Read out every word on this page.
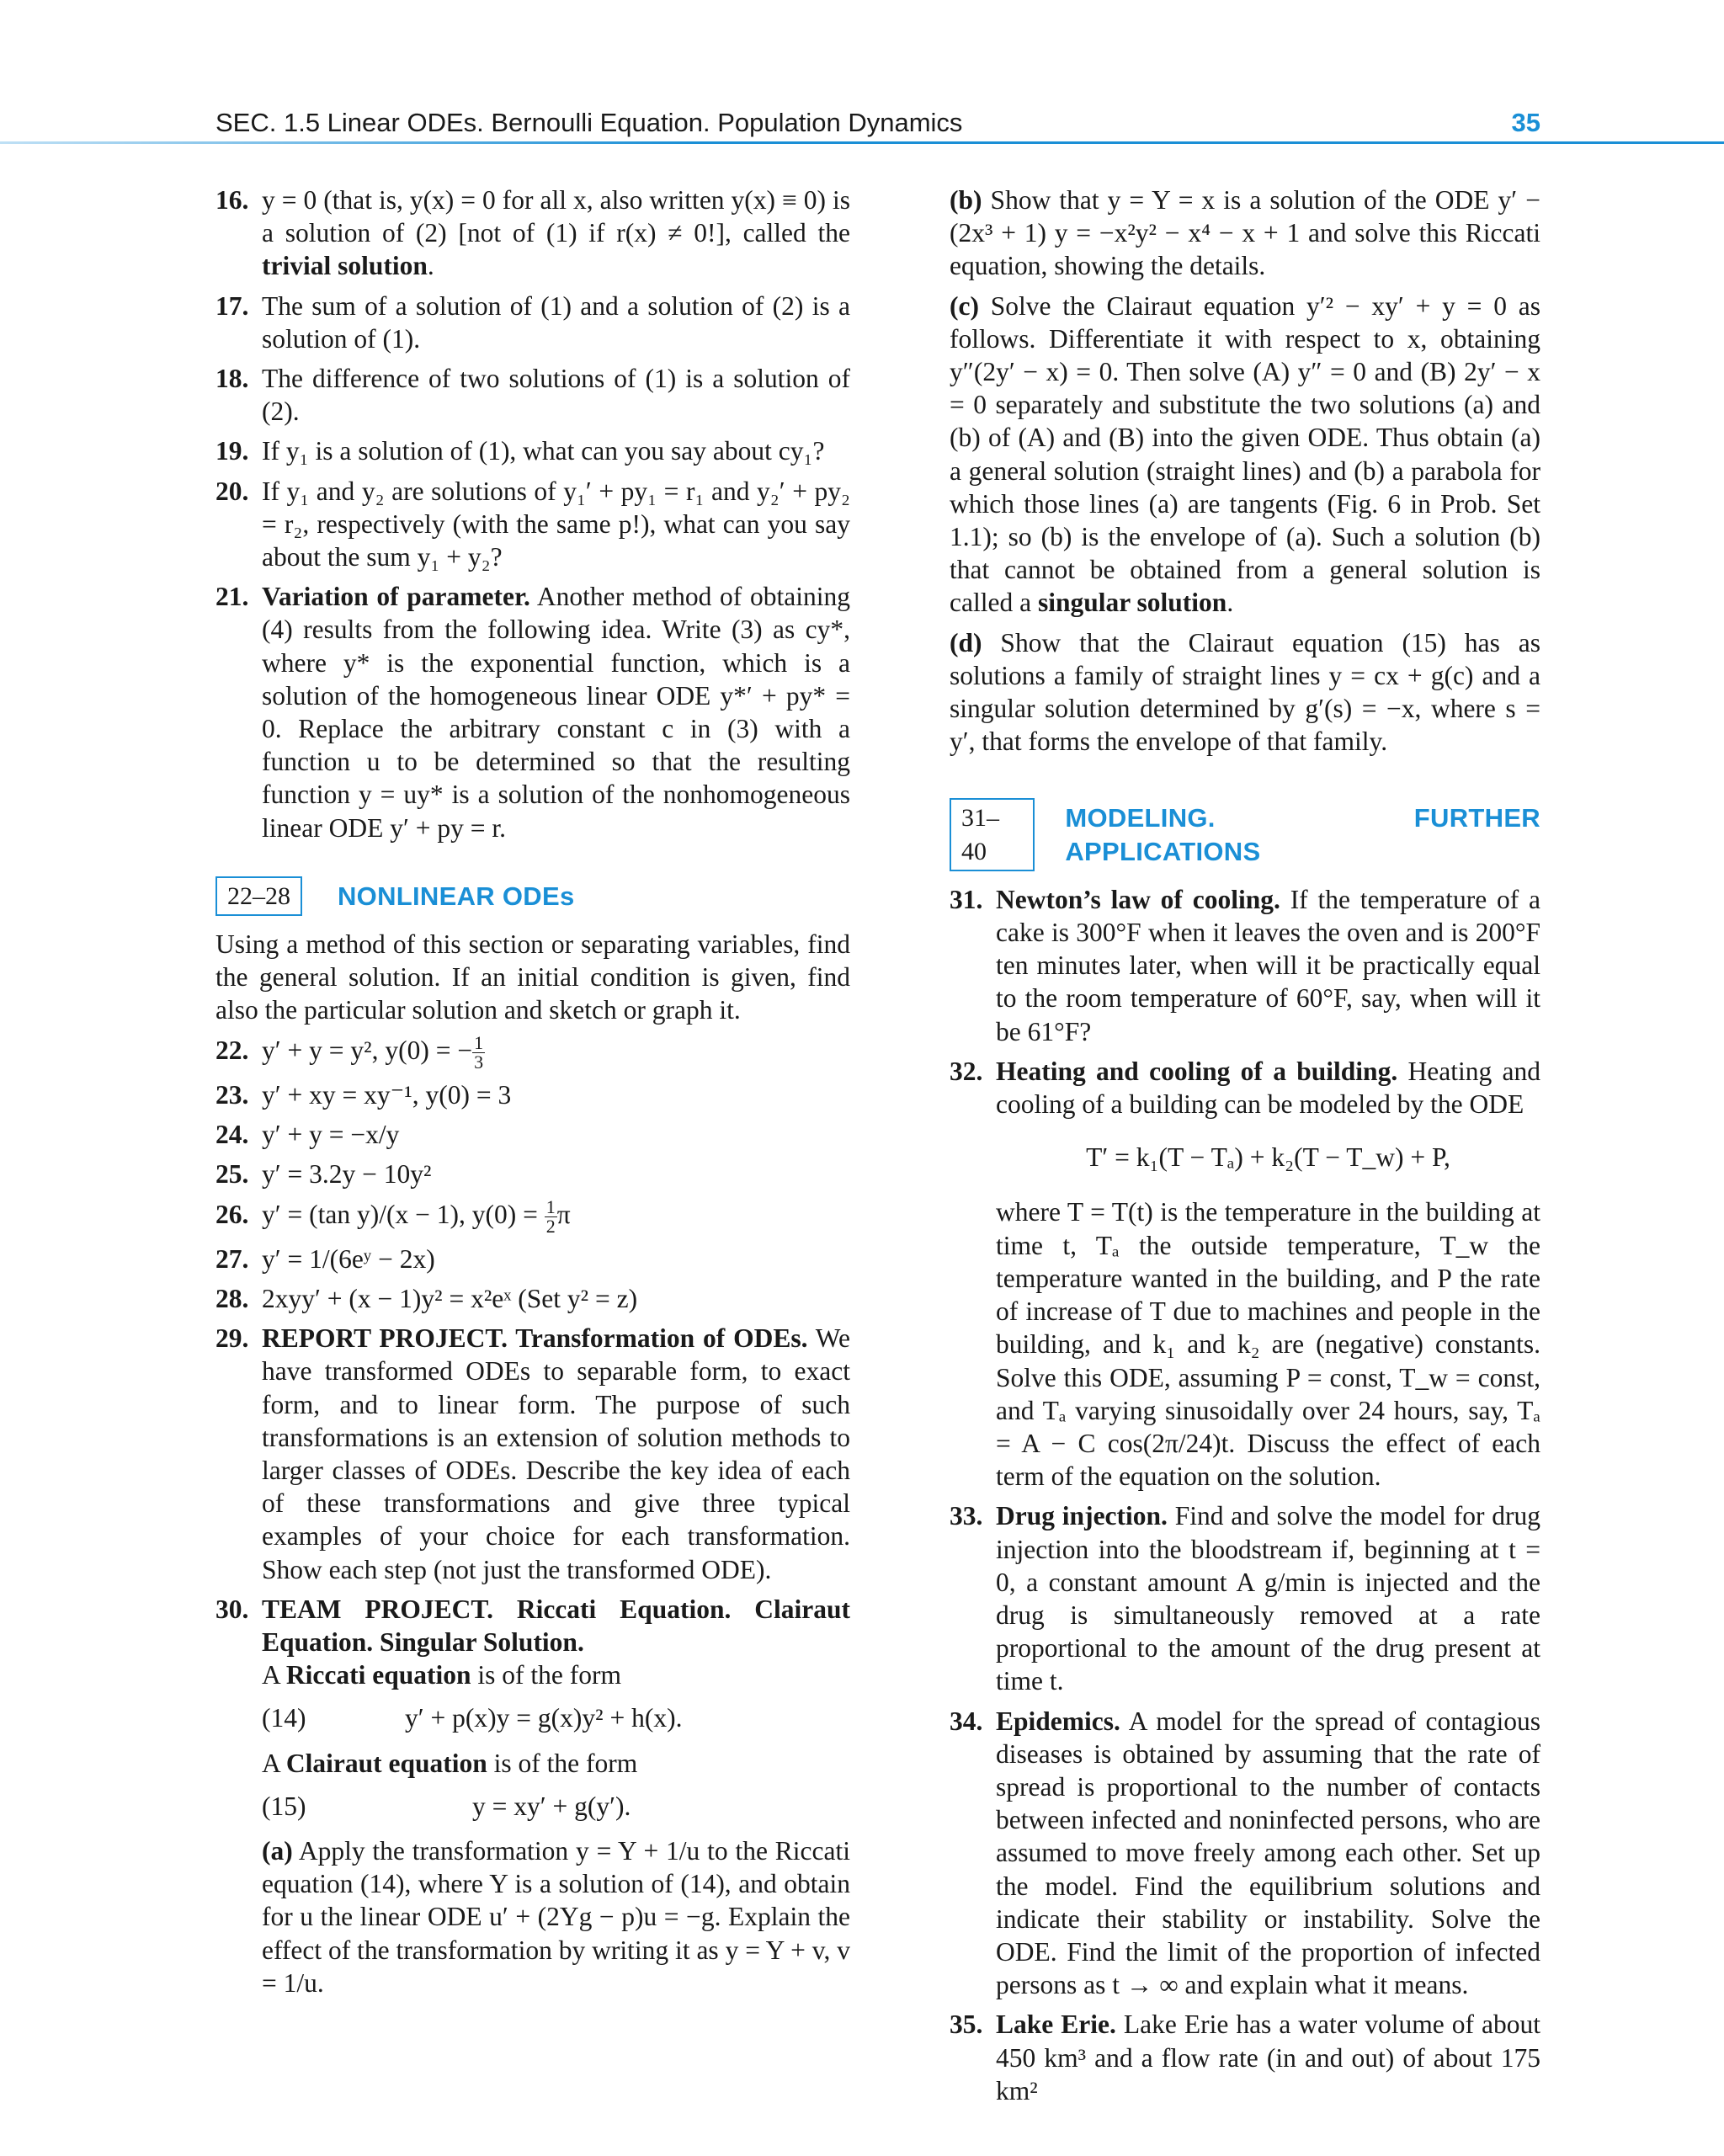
SEC. 1.5 Linear ODEs. Bernoulli Equation. Population Dynamics	35
16. y = 0 (that is, y(x) = 0 for all x, also written y(x) ≡ 0) is a solution of (2) [not of (1) if r(x) ≠ 0!], called the trivial solution.
17. The sum of a solution of (1) and a solution of (2) is a solution of (1).
18. The difference of two solutions of (1) is a solution of (2).
19. If y₁ is a solution of (1), what can you say about cy₁?
20. If y₁ and y₂ are solutions of y₁′ + py₁ = r₁ and y₂′ + py₂ = r₂, respectively (with the same p!), what can you say about the sum y₁ + y₂?
21. Variation of parameter. Another method of obtaining (4) results from the following idea. Write (3) as cy*, where y* is the exponential function, which is a solution of the homogeneous linear ODE y*′ + py* = 0. Replace the arbitrary constant c in (3) with a function u to be determined so that the resulting function y = uy* is a solution of the nonhomogeneous linear ODE y′ + py = r.
22–28	NONLINEAR ODEs
Using a method of this section or separating variables, find the general solution. If an initial condition is given, find also the particular solution and sketch or graph it.
22. y′ + y = y², y(0) = − $\frac{1}{3}$
23. y′ + xy = xy⁻¹, y(0) = 3
24. y′ + y = −x/y
25. y′ = 3.2y − 10y²
26. y′ = (tan y)/(x − 1), $y(0) = \frac{1}{2}$ π
27. y′ = 1/(6eʸ − 2x)
28. 2xyy′ + (x − 1)y² = x²eˣ (Set y² = z)
29. REPORT PROJECT. Transformation of ODEs. We have transformed ODEs to separable form, to exact form, and to linear form. The purpose of such transformations is an extension of solution methods to larger classes of ODEs. Describe the key idea of each of these transformations and give three typical examples of your choice for each transformation. Show each step (not just the transformed ODE).
30. TEAM PROJECT. Riccati Equation. Clairaut Equation. Singular Solution.
A Riccati equation is of the form
(14)	y′ + p(x)y = g(x)y² + h(x).
A Clairaut equation is of the form
(15)	y = xy′ + g(y′).
(a) Apply the transformation y = Y + 1/u to the Riccati equation (14), where Y is a solution of (14), and obtain for u the linear ODE u′ + (2Yg − p)u = −g. Explain the effect of the transformation by writing it as y = Y + v, v = 1/u.
(b) Show that y = Y = x is a solution of the ODE y′ − (2x³ + 1) y = −x²y² − x⁴ − x + 1 and solve this Riccati equation, showing the details.
(c) Solve the Clairaut equation y′² − xy′ + y = 0 as follows. Differentiate it with respect to x, obtaining y″(2y′ − x) = 0. Then solve (A) y″ = 0 and (B) 2y′ − x = 0 separately and substitute the two solutions (a) and (b) of (A) and (B) into the given ODE. Thus obtain (a) a general solution (straight lines) and (b) a parabola for which those lines (a) are tangents (Fig. 6 in Prob. Set 1.1); so (b) is the envelope of (a). Such a solution (b) that cannot be obtained from a general solution is called a singular solution.
(d) Show that the Clairaut equation (15) has as solutions a family of straight lines y = cx + g(c) and a singular solution determined by g′(s) = −x, where s = y′, that forms the envelope of that family.
31–40
MODELING. FURTHER APPLICATIONS
31. Newton’s law of cooling. If the temperature of a cake is 300°F when it leaves the oven and is 200°F ten minutes later, when will it be practically equal to the room temperature of 60°F, say, when will it be 61°F?
32. Heating and cooling of a building. Heating and cooling of a building can be modeled by the ODE
T′ = k₁(T − Tₐ) + k₂(T − T_w) + P,
where T = T(t) is the temperature in the building at time t, Tₐ the outside temperature, T_w the temperature wanted in the building, and P the rate of increase of T due to machines and people in the building, and k₁ and k₂ are (negative) constants. Solve this ODE, assuming P = const, T_w = const, and Tₐ varying sinusoidally over 24 hours, say, Tₐ = A − C cos(2π/24)t. Discuss the effect of each term of the equation on the solution.
33. Drug injection. Find and solve the model for drug injection into the bloodstream if, beginning at t = 0, a constant amount A g/min is injected and the drug is simultaneously removed at a rate proportional to the amount of the drug present at time t.
34. Epidemics. A model for the spread of contagious diseases is obtained by assuming that the rate of spread is proportional to the number of contacts between infected and noninfected persons, who are assumed to move freely among each other. Set up the model. Find the equilibrium solutions and indicate their stability or instability. Solve the ODE. Find the limit of the proportion of infected persons as t → ∞ and explain what it means.
35. Lake Erie. Lake Erie has a water volume of about 450 km³ and a flow rate (in and out) of about 175 km²
